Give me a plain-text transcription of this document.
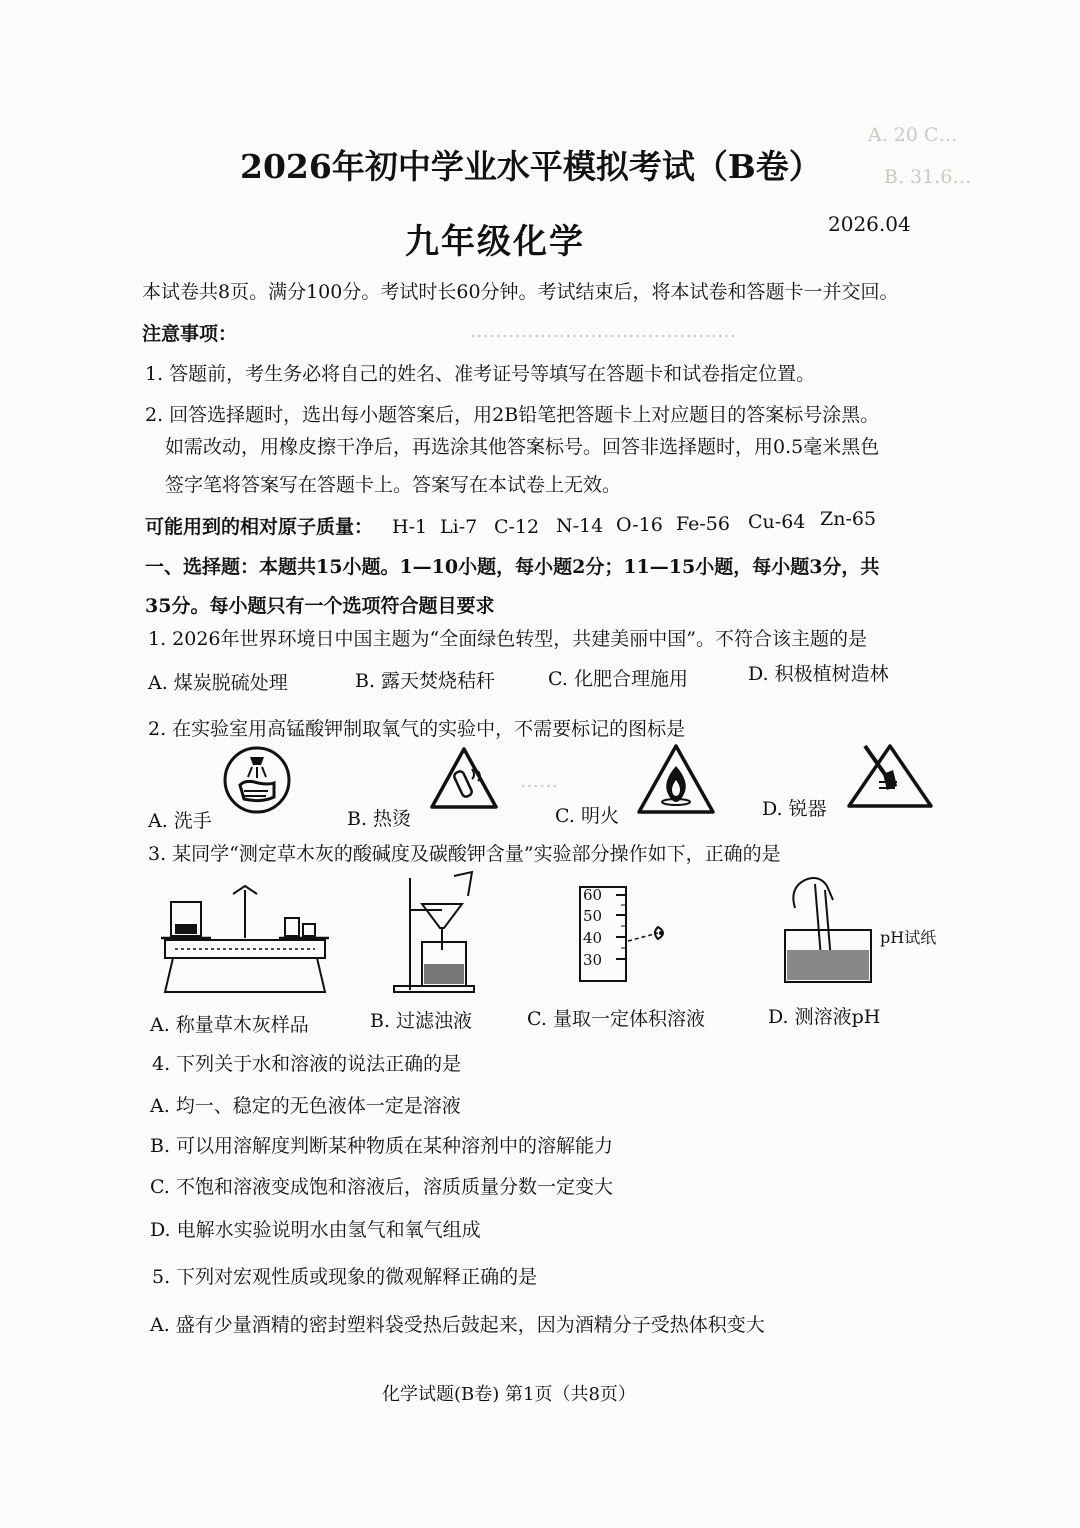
A. 20 C…
B. 31.6…
……………………………………
……
2026年初中学业水平模拟考试（B卷）
九年级化学	2026.04
本试卷共8页。满分100分。考试时长60分钟。考试结束后，将本试卷和答题卡一并交回。
注意事项：
1. 答题前，考生务必将自己的姓名、准考证号等填写在答题卡和试卷指定位置。
2. 回答选择题时，选出每小题答案后，用2B铅笔把答题卡上对应题目的答案标号涂黑。
如需改动，用橡皮擦干净后，再选涂其他答案标号。回答非选择题时，用0.5毫米黑色
签字笔将答案写在答题卡上。答案写在本试卷上无效。
可能用到的相对原子质量： H-1 Li-7 C-12 N-14 O-16 Fe-56 Cu-64 Zn-65
一、选择题：本题共15小题。1—10小题，每小题2分；11—15小题，每小题3分，共
35分。每小题只有一个选项符合题目要求
1. 2026年世界环境日中国主题为“全面绿色转型，共建美丽中国”。不符合该主题的是
A. 煤炭脱硫处理	B. 露天焚烧秸秆	C. 化肥合理施用	D. 积极植树造林
2. 在实验室用高锰酸钾制取氧气的实验中，不需要标记的图标是
A. 洗手	B. 热烫	C. 明火	D. 锐器
3. 某同学“测定草木灰的酸碱度及碳酸钾含量”实验部分操作如下，正确的是
60
50
40
30
pH试纸
A. 称量草木灰样品	B. 过滤浊液	C. 量取一定体积溶液	D. 测溶液pH
4. 下列关于水和溶液的说法正确的是
A. 均一、稳定的无色液体一定是溶液
B. 可以用溶解度判断某种物质在某种溶剂中的溶解能力
C. 不饱和溶液变成饱和溶液后，溶质质量分数一定变大
D. 电解水实验说明水由氢气和氧气组成
5. 下列对宏观性质或现象的微观解释正确的是
A. 盛有少量酒精的密封塑料袋受热后鼓起来，因为酒精分子受热体积变大
化学试题(B卷) 第1页（共8页）
